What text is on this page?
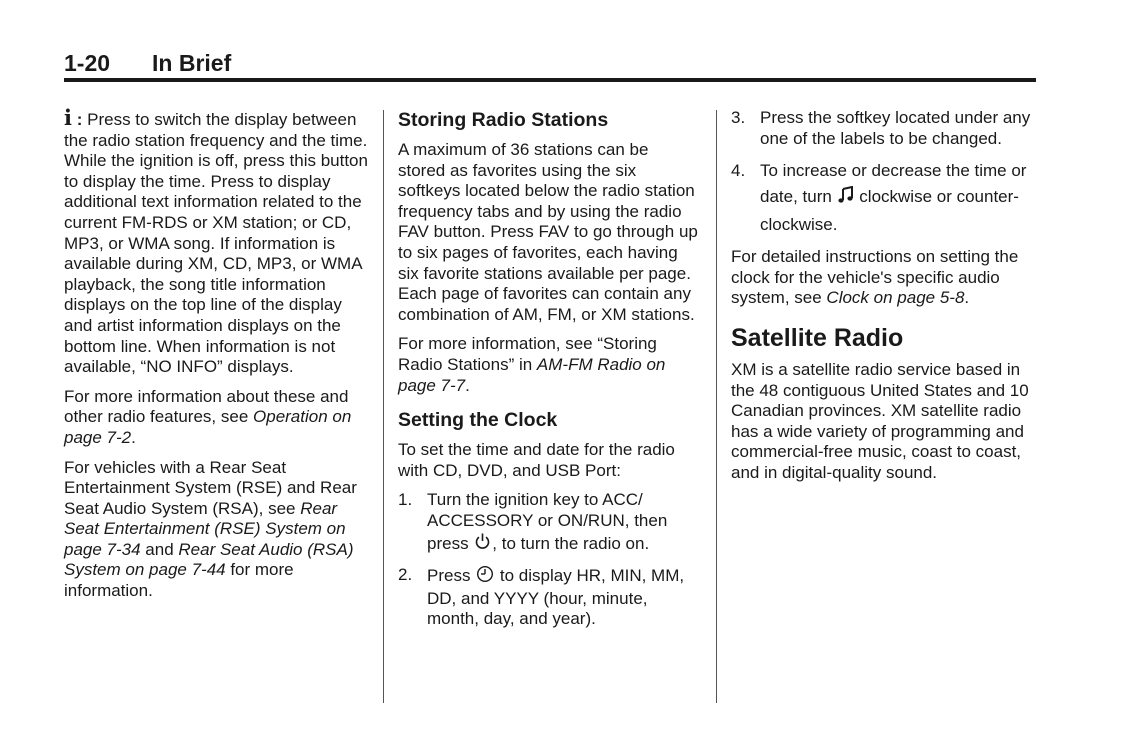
1-20 In Brief

i : Press to switch the display between the radio station frequency and the time. While the ignition is off, press this button to display the time. Press to display additional text information related to the current FM-RDS or XM station; or CD, MP3, or WMA song. If information is available during XM, CD, MP3, or WMA playback, the song title information displays on the top line of the display and artist information displays on the bottom line. When information is not available, “NO INFO” displays.

For more information about these and other radio features, see Operation on page 7-2.

For vehicles with a Rear Seat Entertainment System (RSE) and Rear Seat Audio System (RSA), see Rear Seat Entertainment (RSE) System on page 7-34 and Rear Seat Audio (RSA) System on page 7-44 for more information.

Storing Radio Stations

A maximum of 36 stations can be stored as favorites using the six softkeys located below the radio station frequency tabs and by using the radio FAV button. Press FAV to go through up to six pages of favorites, each having six favorite stations available per page. Each page of favorites can contain any combination of AM, FM, or XM stations.

For more information, see “Storing Radio Stations” in AM-FM Radio on page 7-7.

Setting the Clock

To set the time and date for the radio with CD, DVD, and USB Port:

1. Turn the ignition key to ACC/ ACCESSORY or ON/RUN, then press , to turn the radio on.
2. Press  to display HR, MIN, MM, DD, and YYYY (hour, minute, month, day, and year).
3. Press the softkey located under any one of the labels to be changed.
4. To increase or decrease the time or date, turn  clockwise or counter-clockwise.

For detailed instructions on setting the clock for the vehicle's specific audio system, see Clock on page 5-8.

Satellite Radio

XM is a satellite radio service based in the 48 contiguous United States and 10 Canadian provinces. XM satellite radio has a wide variety of programming and commercial-free music, coast to coast, and in digital-quality sound.
